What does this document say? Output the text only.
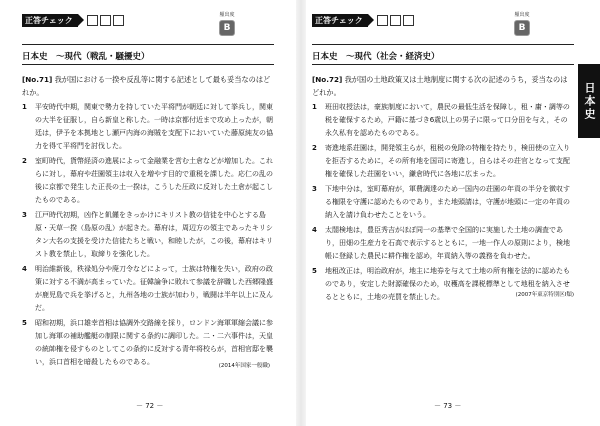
正答チェック
頻出度
B
日本史　～現代（戦乱・騒擾史）
[No.71] 我が国における一揆や反乱等に関する記述として最も妥当なのはどれか。
1	平安時代中期，関東で勢力を持していた平将門が朝廷に対して挙兵し，関東の大半を征服し，自ら新皇と称した。一時は京都付近まで攻め上ったが，朝廷は，伊予を本拠地とし瀬戸内海の海賊を支配下においていた藤原純友の協力を得て平将門を討伐した。
2	室町時代，貨幣経済の進展によって金融業を営む土倉などが増加した。これらに対し，幕府や荘園領主は収入を増やす目的で重税を課した。応仁の乱の後に京都で発生した正長の土一揆は，こうした圧政に反対した土倉が起こしたものである。
3	江戸時代初期，凶作と飢饉をきっかけにキリスト教の信徒を中心とする島原・天草一揆（島原の乱）が起きた。幕府は，周辺方の領主であったキリシタン大名の支援を受けた信徒たちと戦い，和睦したが，この後，幕府はキリスト教を禁止し，取締りを強化した。
4	明治維新後，秩禄処分や廃刀令などによって，士族は特権を失い，政府の政策に対する不満が高まっていた。征韓論争に敗れて参議を辞職した西郷隆盛が鹿児島で兵を挙げると，九州各地の士族が加わり，戦闘は半年以上に及んだ。
5	昭和初期，浜口雄幸首相は協調外交路線を採り，ロンドン海軍軍縮会議に参加し海軍の補助艦艇の制限に関する条約に調印した。二・二六事件は，天皇の統帥権を侵すものとしてこの条約に反対する青年将校らが，首相官邸を襲い，浜口首相を暗殺したものである。	(2014年国家一般職)
－ 72 －
正答チェック
頻出度
B
日本史　～現代（社会・経済史）
[No.72] 我が国の土地政策又は土地制度に関する次の記述のうち，妥当なのはどれか。
1	班田収授法は，豪族制度において，農民の最低生活を保障し，租・庸・調等の税を確保するため，戸籍に基づき6歳以上の男子に限って口分田を与え，その永久私有を認めたものである。
2	寄進地系荘園は，開発領主らが，租税の免除の特権を持たり，検田使の立入りを拒否するために，その所有地を国司に寄進し，自らはその荘官となって支配権を確保した荘園をいい，鎌倉時代に各地に広まった。
3	下地中分は，室町幕府が，軍費調達のため一国内の荘園の年貢の半分を徴収する権限を守護に認めたものであり，また地頭請は，守護が地頭に一定の年貢の納入を請け負わせたことをいう。
4	太閤検地は，豊臣秀吉がほぼ同一の基準で全国的に実施した土地の調査であり，田畑の生産力を石高で表示するとともに，一地一作人の原則により，検地帳に登録した農民に耕作権を認め，年貢納入等の義務を負わせた。
5	地租改正は，明治政府が，地主に地券を与えて土地の所有権を法的に認めたものであり，安定した財源確保のため，収穫高を課税標準として地租を納入させるとともに，土地の売買を禁止した。	(2007年東京特別区Ⅰ類)
－ 73 －
日本史
